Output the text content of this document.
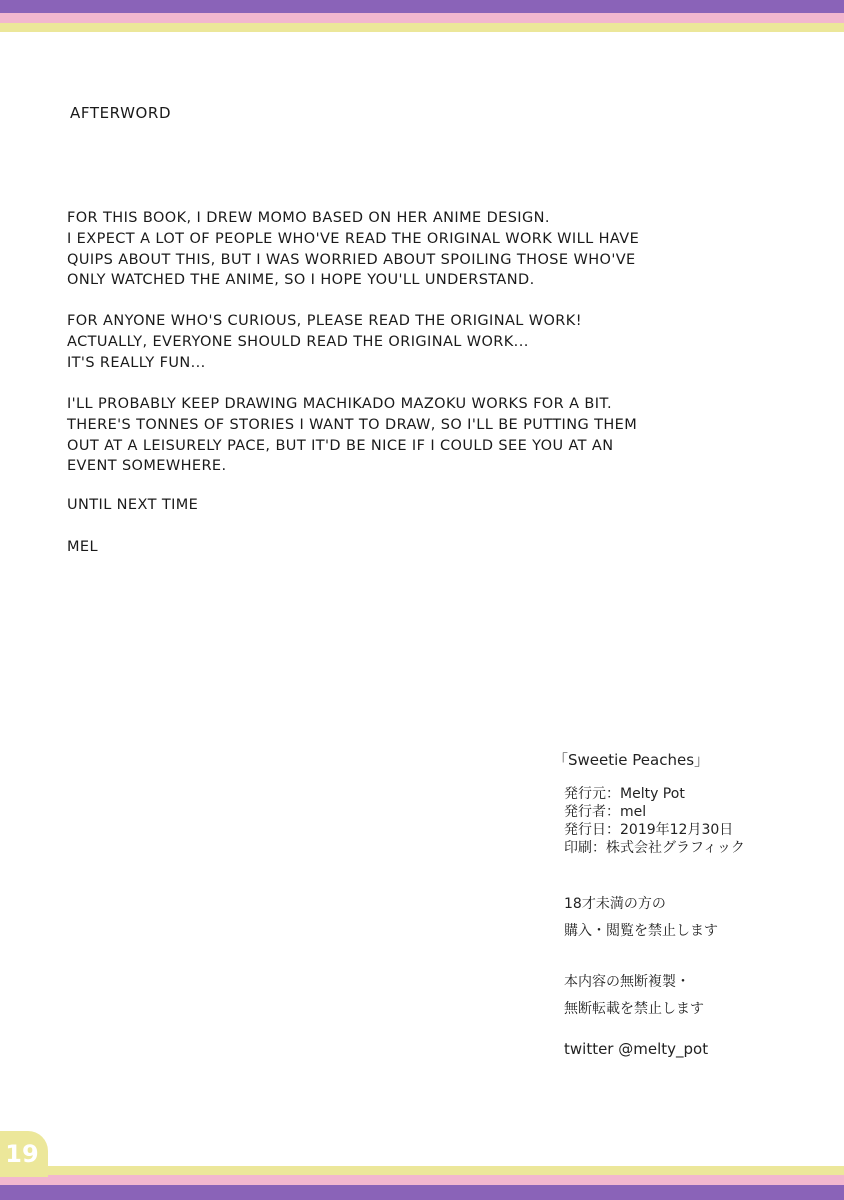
AFTERWORD
FOR THIS BOOK, I DREW MOMO BASED ON HER ANIME DESIGN.
I EXPECT A LOT OF PEOPLE WHO'VE READ THE ORIGINAL WORK WILL HAVE
QUIPS ABOUT THIS, BUT I WAS WORRIED ABOUT SPOILING THOSE WHO'VE
ONLY WATCHED THE ANIME, SO I HOPE YOU'LL UNDERSTAND.
FOR ANYONE WHO'S CURIOUS, PLEASE READ THE ORIGINAL WORK!
ACTUALLY, EVERYONE SHOULD READ THE ORIGINAL WORK...
IT'S REALLY FUN...
I'LL PROBABLY KEEP DRAWING MACHIKADO MAZOKU WORKS FOR A BIT.
THERE'S TONNES OF STORIES I WANT TO DRAW, SO I'LL BE PUTTING THEM
OUT AT A LEISURELY PACE, BUT IT'D BE NICE IF I COULD SEE YOU AT AN
EVENT SOMEWHERE.
UNTIL NEXT TIME
MEL
「Sweetie Peaches」
発行元：Melty Pot
発行者：mel
発行日：2019年12月30日
印刷：株式会社グラフィック
18才未満の方の
購入・閲覧を禁止します
本内容の無断複製・
無断転載を禁止します
twitter @melty_pot
19
